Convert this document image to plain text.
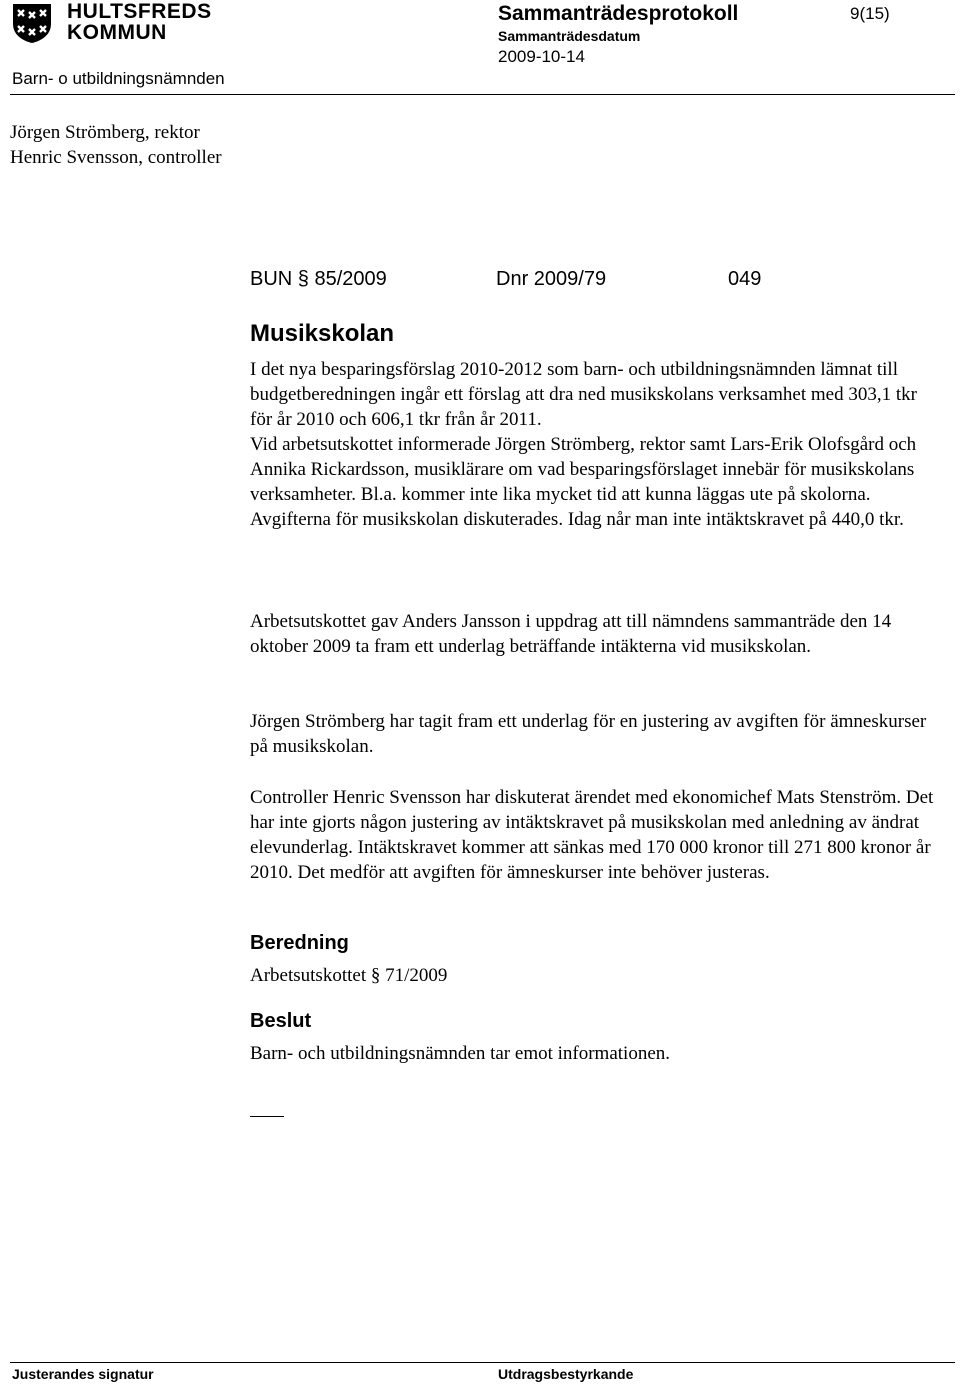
HULTSFREDS
KOMMUN
Sammanträdesprotokoll
Sammanträdesdatum
2009-10-14
9(15)
Barn- o utbildningsnämnden
Jörgen Strömberg, rektor
Henric Svensson, controller
BUN § 85/2009	Dnr 2009/79	049
Musikskolan

I det nya besparingsförslag 2010-2012 som barn- och utbildningsnämnden lämnat till budgetberedningen ingår ett förslag att dra ned musikskolans verksamhet med 303,1 tkr för år 2010 och 606,1 tkr från år 2011.
Vid arbetsutskottet informerade Jörgen Strömberg, rektor samt Lars-Erik Olofsgård och Annika Rickardsson, musiklärare om vad besparingsförslaget innebär för musikskolans verksamheter. Bl.a. kommer inte lika mycket tid att kunna läggas ute på skolorna.
Avgifterna för musikskolan diskuterades. Idag når man inte intäktskravet på 440,0 tkr.

Arbetsutskottet gav Anders Jansson i uppdrag att till nämndens sammanträde den 14 oktober 2009 ta fram ett underlag beträffande intäkterna vid musikskolan.

Jörgen Strömberg har tagit fram ett underlag för en justering av avgiften för ämneskurser på musikskolan.

Controller Henric Svensson har diskuterat ärendet med ekonomichef Mats Stenström. Det har inte gjorts någon justering av intäktskravet på musikskolan med anledning av ändrat elevunderlag. Intäktskravet kommer att sänkas med 170 000 kronor till 271 800 kronor år 2010. Det medför att avgiften för ämneskurser inte behöver justeras.

Beredning
Arbetsutskottet § 71/2009
Beslut
Barn- och utbildningsnämnden tar emot informationen.
Justerandes signatur	Utdragsbestyrkande
